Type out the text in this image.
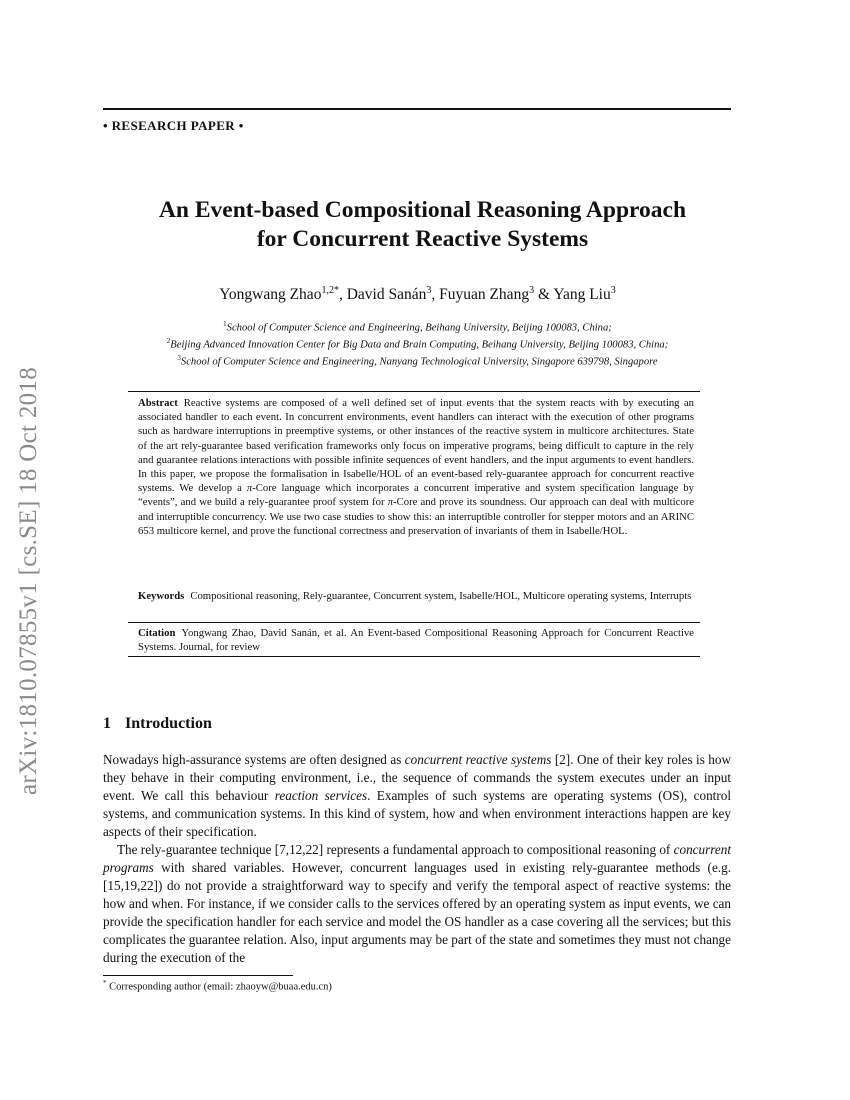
arXiv:1810.07855v1 [cs.SE] 18 Oct 2018
• RESEARCH PAPER •
An Event-based Compositional Reasoning Approach
for Concurrent Reactive Systems
Yongwang Zhao$^{1,2*}$, David Sanán$^3$, Fuyuan Zhang$^3$ & Yang Liu$^3$
$^1$School of Computer Science and Engineering, Beihang University, Beijing 100083, China;
$^2$Beijing Advanced Innovation Center for Big Data and Brain Computing, Beihang University, Beijing 100083, China;
$^3$School of Computer Science and Engineering, Nanyang Technological University, Singapore 639798, Singapore
Abstract Reactive systems are composed of a well defined set of input events that the system reacts with by executing an associated handler to each event. In concurrent environments, event handlers can interact with the execution of other programs such as hardware interruptions in preemptive systems, or other instances of the reactive system in multicore architectures. State of the art rely-guarantee based verification frameworks only focus on imperative programs, being difficult to capture in the rely and guarantee relations interactions with possible infinite sequences of event handlers, and the input arguments to event handlers. In this paper, we propose the formalisation in Isabelle/HOL of an event-based rely-guarantee approach for concurrent reactive systems. We develop a π-Core language which incorporates a concurrent imperative and system specification language by “events”, and we build a rely-guarantee proof system for π-Core and prove its soundness. Our approach can deal with multicore and interruptible concurrency. We use two case studies to show this: an interruptible controller for stepper motors and an ARINC 653 multicore kernel, and prove the functional correctness and preservation of invariants of them in Isabelle/HOL.
Keywords Compositional reasoning, Rely-guarantee, Concurrent system, Isabelle/HOL, Multicore operating systems, Interrupts
Citation Yongwang Zhao, David Sanán, et al. An Event-based Compositional Reasoning Approach for Concurrent Reactive Systems. Journal, for review
1 Introduction

Nowadays high-assurance systems are often designed as concurrent reactive systems [2]. One of their key roles is how they behave in their computing environment, i.e., the sequence of commands the system executes under an input event. We call this behaviour reaction services. Examples of such systems are operating systems (OS), control systems, and communication systems. In this kind of system, how and when environment interactions happen are key aspects of their specification.

The rely-guarantee technique [7,12,22] represents a fundamental approach to compositional reasoning of concurrent programs with shared variables. However, concurrent languages used in existing rely-guarantee methods (e.g. [15,19,22]) do not provide a straightforward way to specify and verify the temporal aspect of reactive systems: the how and when. For instance, if we consider calls to the services offered by an operating system as input events, we can provide the specification handler for each service and model the OS handler as a case covering all the services; but this complicates the guarantee relation. Also, input arguments may be part of the state and sometimes they must not change during the execution of the

* Corresponding author (email: zhaoyw@buaa.edu.cn)
